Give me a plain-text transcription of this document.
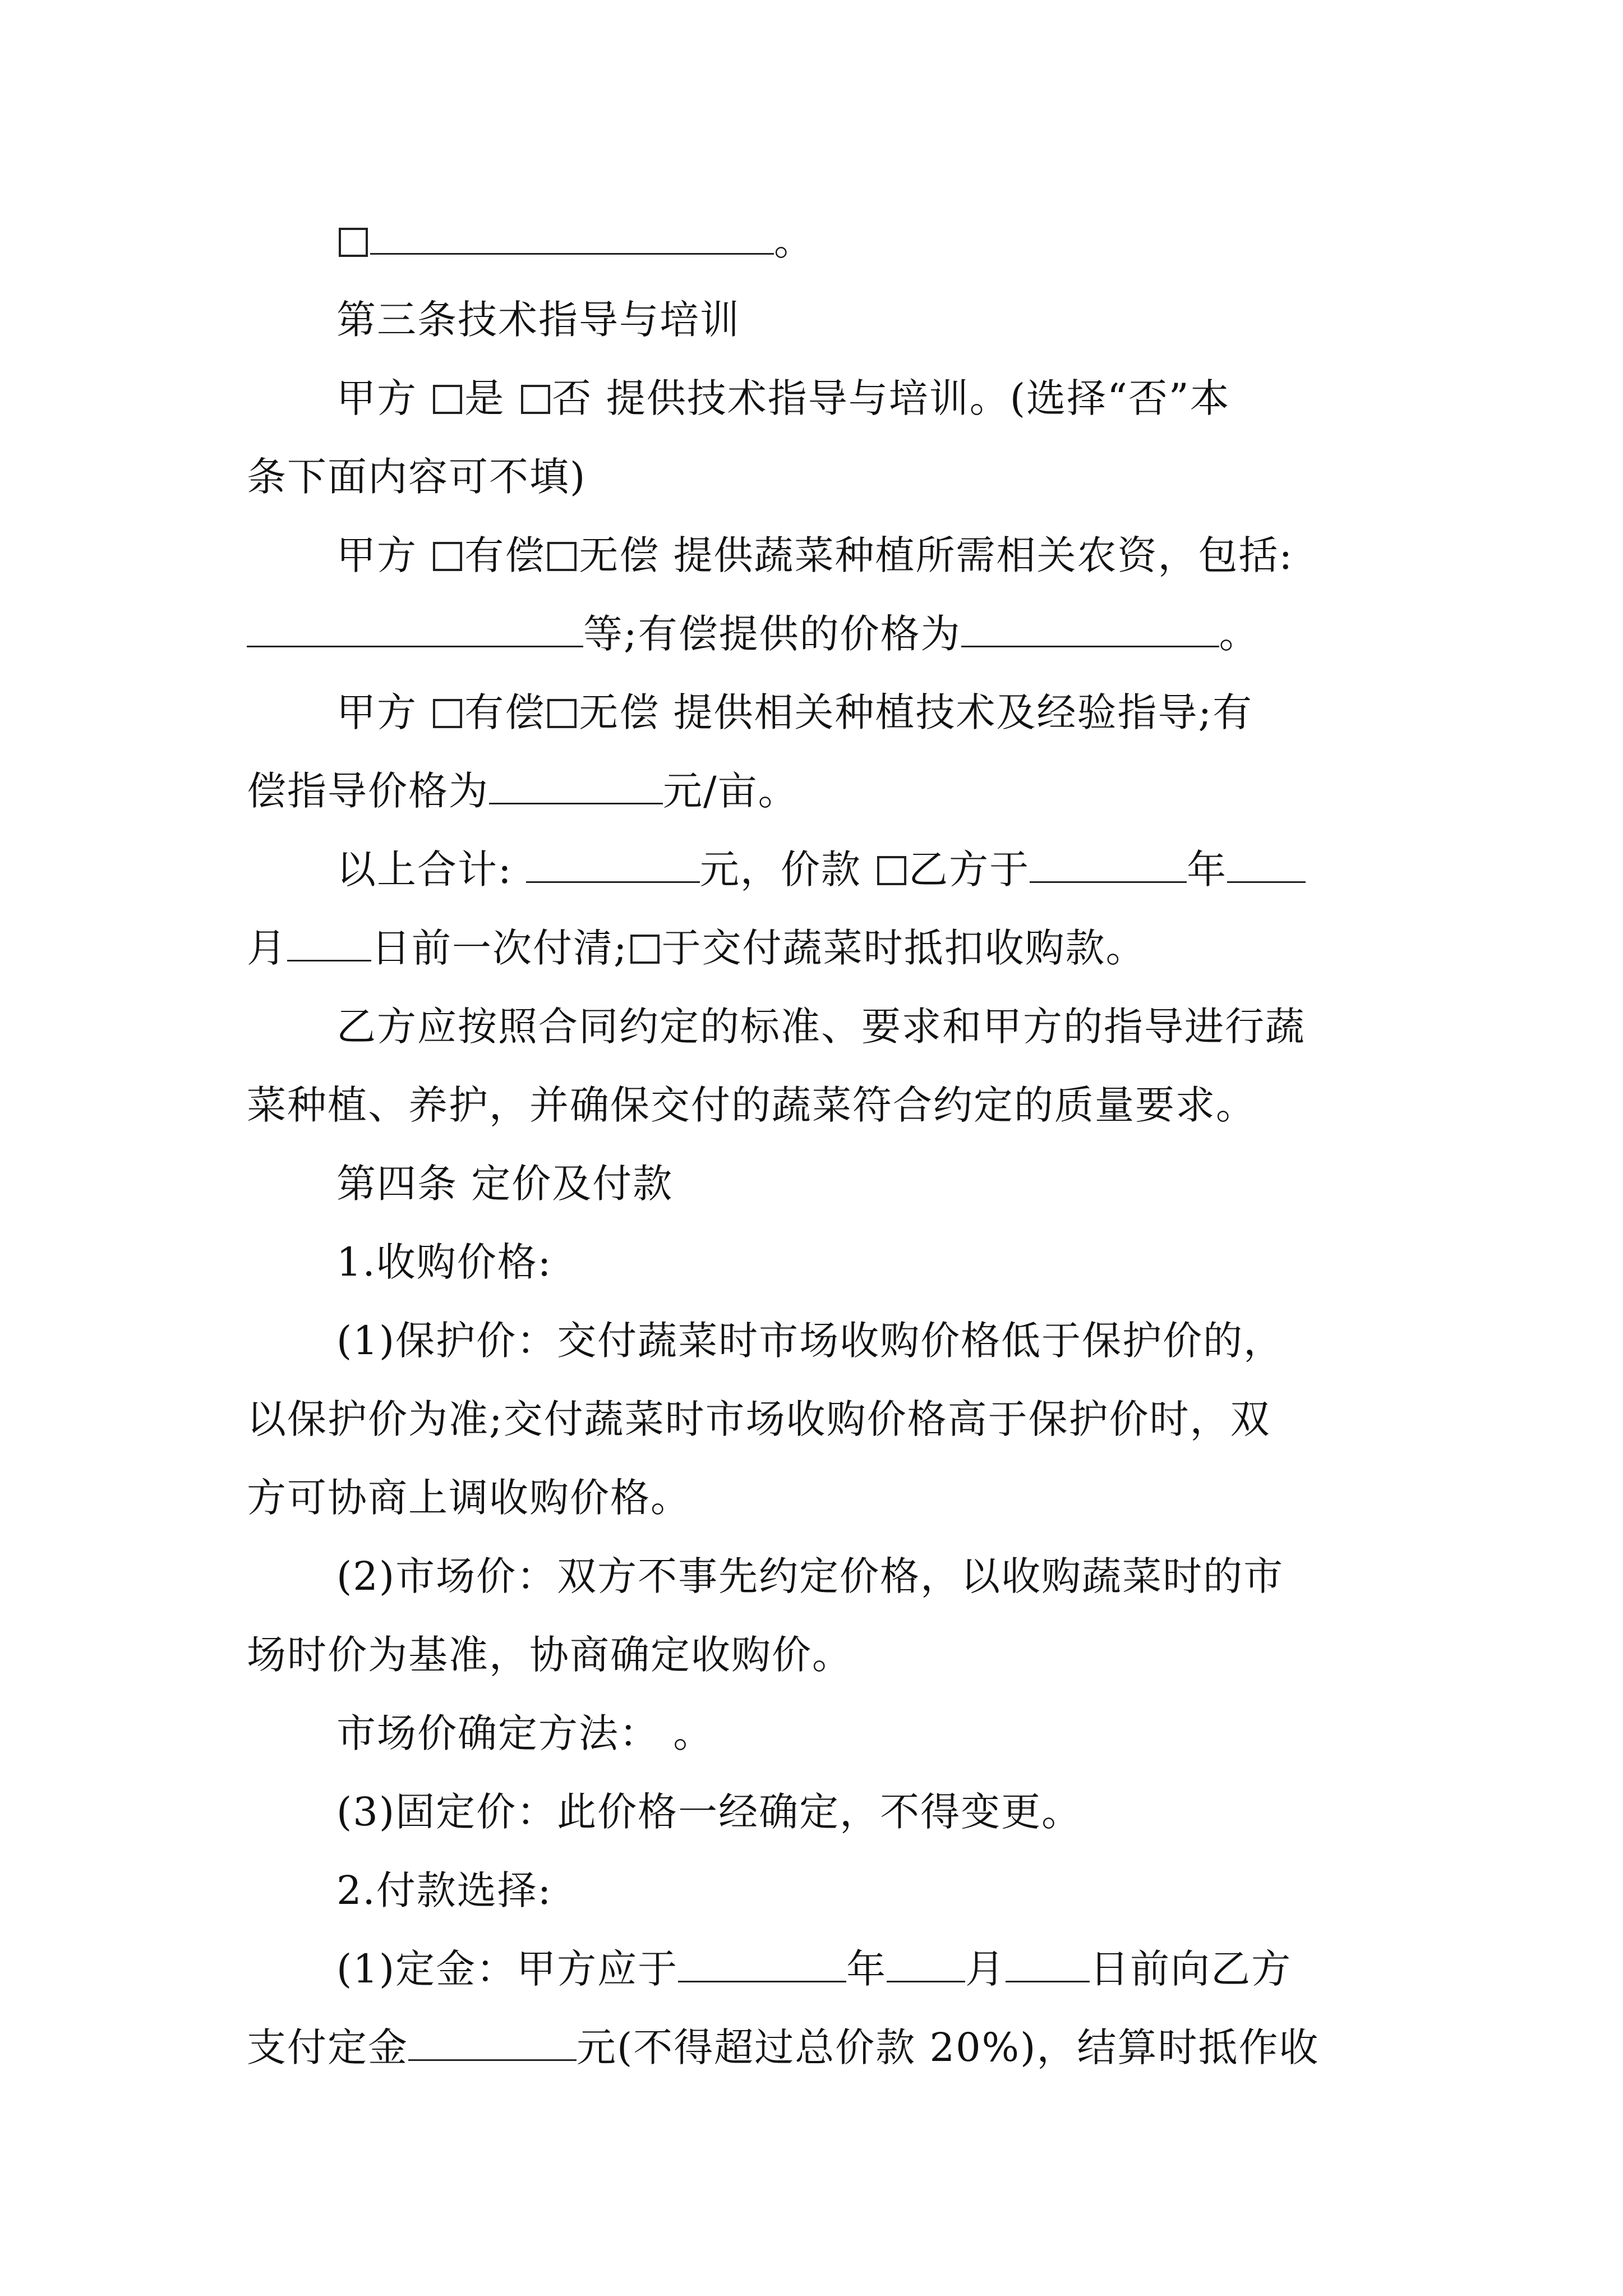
。
第三条技术指导与培训
甲方 是 否 提供技术指导与培训。(选择“否”本
条下面内容可不填)
甲方 有偿 无偿 提供蔬菜种植所需相关农资，包括:
等;有偿提供的价格为	。
甲方 有偿 无偿 提供相关种植技术及经验指导;有
偿指导价格为	元/亩。
以上合计:	元，价款 乙方于	年
月 日前一次付清; 于交付蔬菜时抵扣收购款。
乙方应按照合同约定的标准、要求和甲方的指导进行蔬
菜种植、养护，并确保交付的蔬菜符合约定的质量要求。
第四条 定价及付款
1.收购价格:
(1)保护价：交付蔬菜时市场收购价格低于保护价的，
以保护价为准;交付蔬菜时市场收购价格高于保护价时，双
方可协商上调收购价格。
(2)市场价：双方不事先约定价格，以收购蔬菜时的市
场时价为基准，协商确定收购价。
市场价确定方法： 。
(3)固定价：此价格一经确定，不得变更。
2.付款选择:
(1)定金：甲方应于	年 月 日前向乙方
支付定金	元(不得超过总价款 20%)，结算时抵作收
